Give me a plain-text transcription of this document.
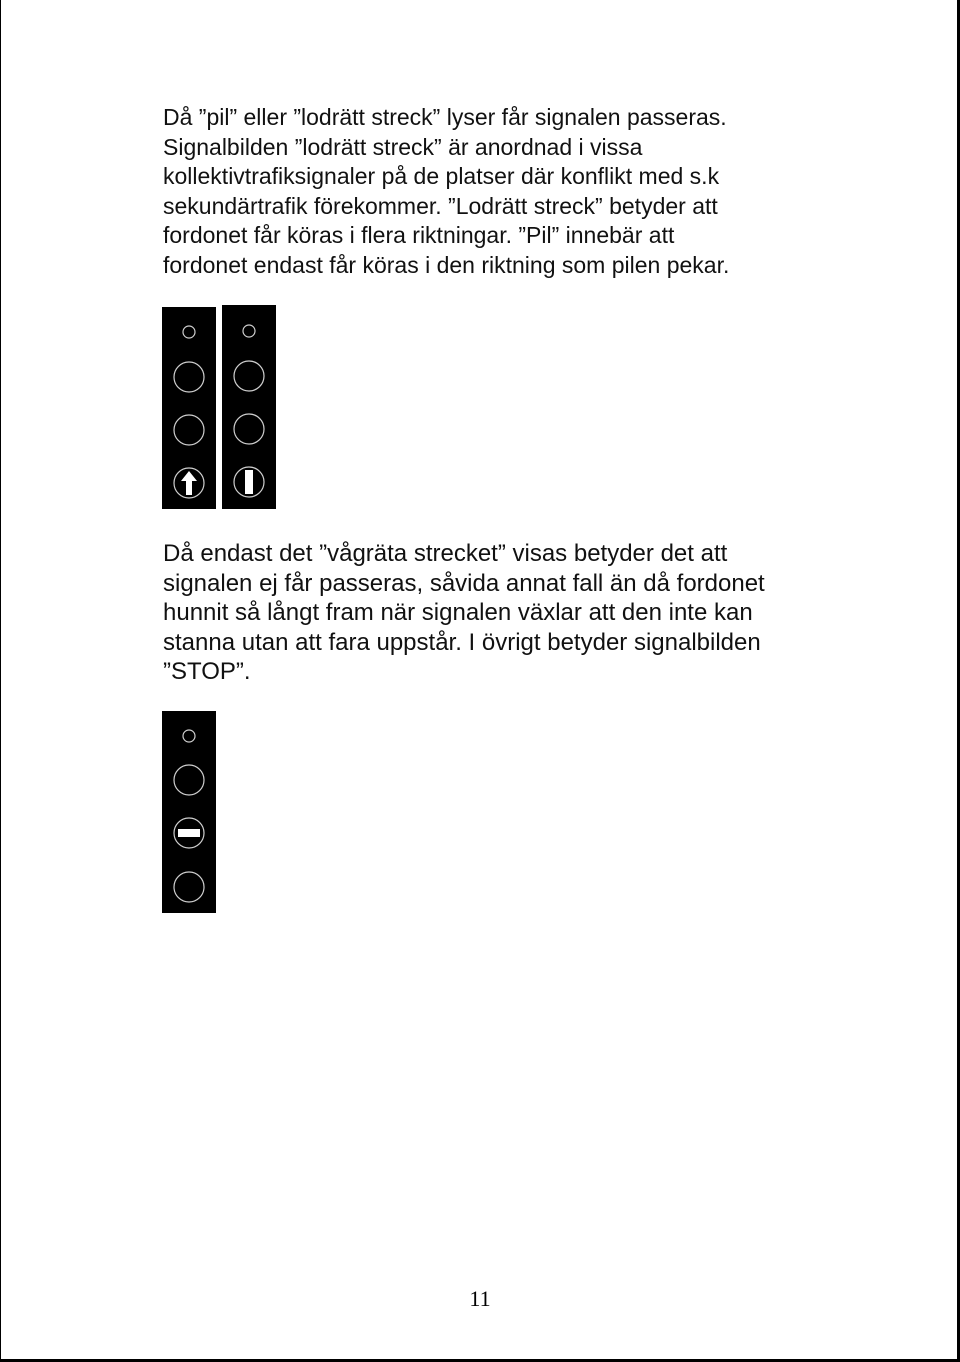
Då ”pil” eller ”lodrätt streck” lyser får signalen passeras.
Signalbilden ”lodrätt streck” är anordnad i vissa
kollektivtrafiksignaler på de platser där konflikt med s.k
sekundärtrafik förekommer. ”Lodrätt streck” betyder att
fordonet får köras i flera riktningar. ”Pil” innebär att
fordonet endast får köras i den riktning som pilen pekar.

Då endast det ”vågräta strecket” visas betyder det att
signalen ej får passeras, såvida annat fall än då fordonet
hunnit så långt fram när signalen växlar att den inte kan
stanna utan att fara uppstår. I övrigt betyder signalbilden
”STOP”.

11
